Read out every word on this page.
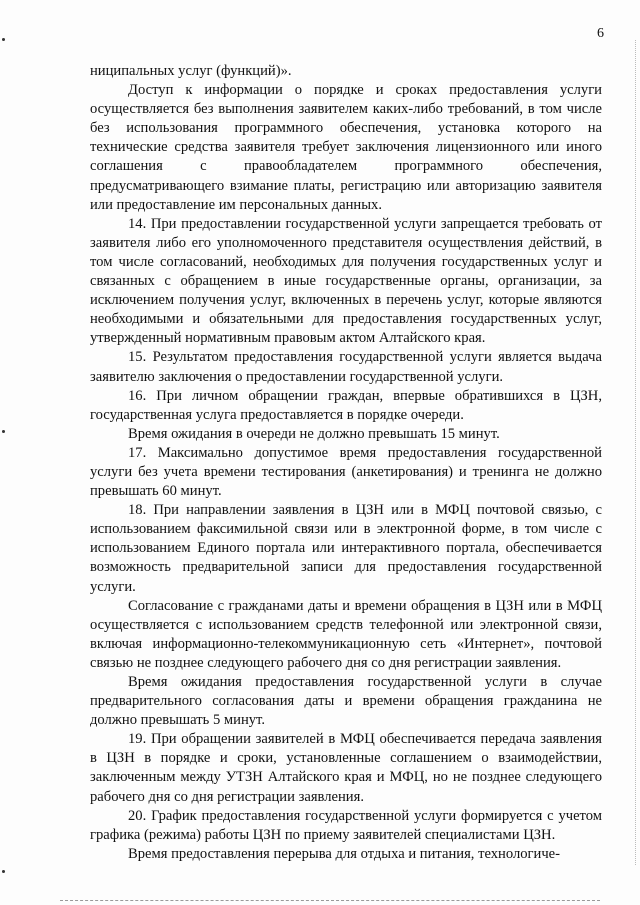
6

ниципальных услуг (функций)».

Доступ к информации о порядке и сроках предоставления услуги осуществляется без выполнения заявителем каких-либо требований, в том числе без использования программного обеспечения, установка которого на технические средства заявителя требует заключения лицензионного или иного соглашения с правообладателем программного обеспечения, предусматривающего взимание платы, регистрацию или авторизацию заявителя или предоставление им персональных данных.

14. При предоставлении государственной услуги запрещается требовать от заявителя либо его уполномоченного представителя осуществления действий, в том числе согласований, необходимых для получения государственных услуг и связанных с обращением в иные государственные органы, организации, за исключением получения услуг, включенных в перечень услуг, которые являются необходимыми и обязательными для предоставления государственных услуг, утвержденный нормативным правовым актом Алтайского края.

15. Результатом предоставления государственной услуги является выдача заявителю заключения о предоставлении государственной услуги.

16. При личном обращении граждан, впервые обратившихся в ЦЗН, государственная услуга предоставляется в порядке очереди.

Время ожидания в очереди не должно превышать 15 минут.

17. Максимально допустимое время предоставления государственной услуги без учета времени тестирования (анкетирования) и тренинга не должно превышать 60 минут.

18. При направлении заявления в ЦЗН или в МФЦ почтовой связью, с использованием факсимильной связи или в электронной форме, в том числе с использованием Единого портала или интерактивного портала, обеспечивается возможность предварительной записи для предоставления государственной услуги.

Согласование с гражданами даты и времени обращения в ЦЗН или в МФЦ осуществляется с использованием средств телефонной или электронной связи, включая информационно-телекоммуникационную сеть «Интернет», почтовой связью не позднее следующего рабочего дня со дня регистрации заявления.

Время ожидания предоставления государственной услуги в случае предварительного согласования даты и времени обращения гражданина не должно превышать 5 минут.

19. При обращении заявителей в МФЦ обеспечивается передача заявления в ЦЗН в порядке и сроки, установленные соглашением о взаимодействии, заключенным между УТЗН Алтайского края и МФЦ, но не позднее следующего рабочего дня со дня регистрации заявления.

20. График предоставления государственной услуги формируется с учетом графика (режима) работы ЦЗН по приему заявителей специалистами ЦЗН.

Время предоставления перерыва для отдыха и питания, технологиче-
